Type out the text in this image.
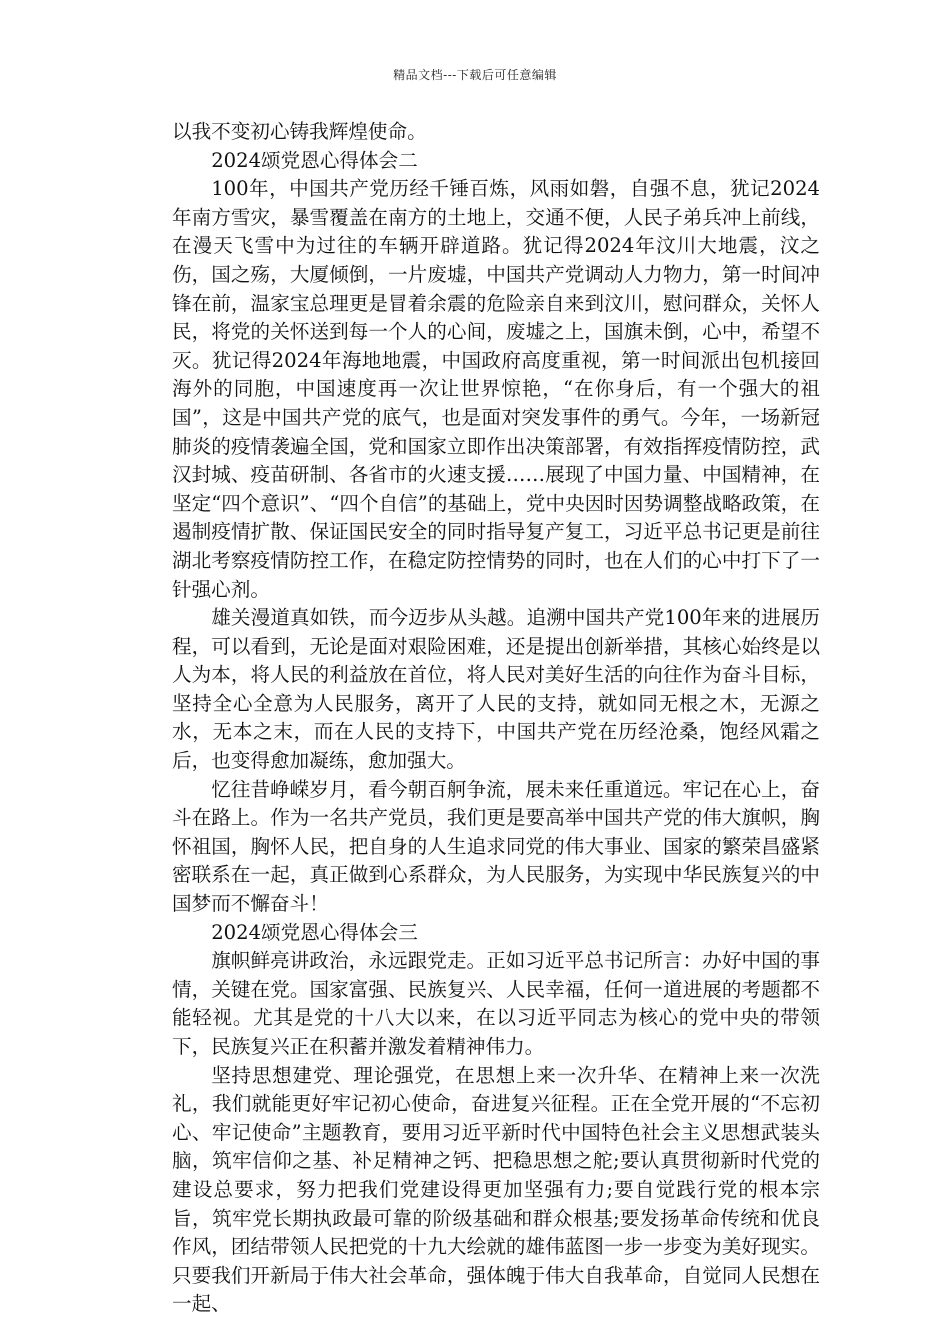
精品文档---下载后可任意编辑

以我不变初心铸我辉煌使命。

2024颂党恩心得体会二

100年，中国共产党历经千锤百炼，风雨如磐，自强不息，犹记2024年南方雪灾，暴雪覆盖在南方的土地上，交通不便，人民子弟兵冲上前线，在漫天飞雪中为过往的车辆开辟道路。犹记得2024年汶川大地震，汶之伤，国之殇，大厦倾倒，一片废墟，中国共产党调动人力物力，第一时间冲锋在前，温家宝总理更是冒着余震的危险亲自来到汶川，慰问群众，关怀人民，将党的关怀送到每一个人的心间，废墟之上，国旗未倒，心中，希望不灭。犹记得2024年海地地震，中国政府高度重视，第一时间派出包机接回海外的同胞，中国速度再一次让世界惊艳，“在你身后，有一个强大的祖国”，这是中国共产党的底气，也是面对突发事件的勇气。今年，一场新冠肺炎的疫情袭遍全国，党和国家立即作出决策部署，有效指挥疫情防控，武汉封城、疫苗研制、各省市的火速支援……展现了中国力量、中国精神，在坚定“四个意识”、“四个自信”的基础上，党中央因时因势调整战略政策，在遏制疫情扩散、保证国民安全的同时指导复产复工，习近平总书记更是前往湖北考察疫情防控工作，在稳定防控情势的同时，也在人们的心中打下了一针强心剂。

雄关漫道真如铁，而今迈步从头越。追溯中国共产党100年来的进展历程，可以看到，无论是面对艰险困难，还是提出创新举措，其核心始终是以人为本，将人民的利益放在首位，将人民对美好生活的向往作为奋斗目标，坚持全心全意为人民服务，离开了人民的支持，就如同无根之木，无源之水，无本之末，而在人民的支持下，中国共产党在历经沧桑，饱经风霜之后，也变得愈加凝练，愈加强大。

忆往昔峥嵘岁月，看今朝百舸争流，展未来任重道远。牢记在心上，奋斗在路上。作为一名共产党员，我们更是要高举中国共产党的伟大旗帜，胸怀祖国，胸怀人民，把自身的人生追求同党的伟大事业、国家的繁荣昌盛紧密联系在一起，真正做到心系群众，为人民服务，为实现中华民族复兴的中国梦而不懈奋斗！

2024颂党恩心得体会三

旗帜鲜亮讲政治，永远跟党走。正如习近平总书记所言：办好中国的事情，关键在党。国家富强、民族复兴、人民幸福，任何一道进展的考题都不能轻视。尤其是党的十八大以来，在以习近平同志为核心的党中央的带领下，民族复兴正在积蓄并激发着精神伟力。

坚持思想建党、理论强党，在思想上来一次升华、在精神上来一次洗礼，我们就能更好牢记初心使命，奋进复兴征程。正在全党开展的“不忘初心、牢记使命”主题教育，要用习近平新时代中国特色社会主义思想武装头脑，筑牢信仰之基、补足精神之钙、把稳思想之舵;要认真贯彻新时代党的建设总要求，努力把我们党建设得更加坚强有力;要自觉践行党的根本宗旨，筑牢党长期执政最可靠的阶级基础和群众根基;要发扬革命传统和优良作风，团结带领人民把党的十九大绘就的雄伟蓝图一步一步变为美好现实。只要我们开新局于伟大社会革命，强体魄于伟大自我革命，自觉同人民想在一起、
